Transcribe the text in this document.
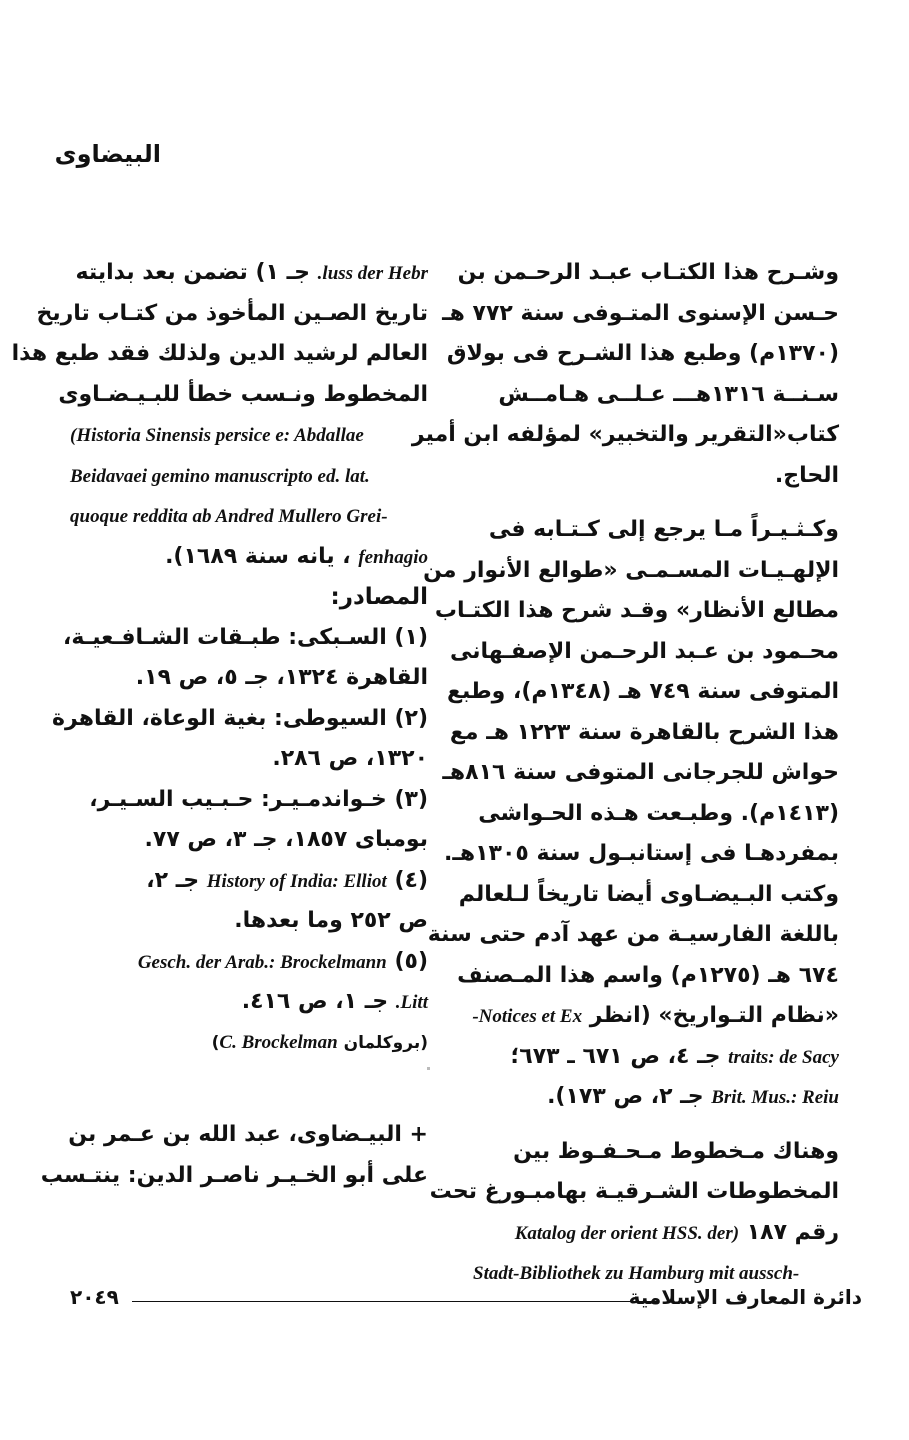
البيضاوى
وشـرح هذا الكتـاب عبـد الرحـمن بن
حـسن الإسنوى المتـوفى سنة ٧٧٢ هـ
(١٣٧٠م) وطبع هذا الشـرح فى بولاق
سـنــة ١٣١٦هـــ عـلــى هـامــش
كتاب«التقرير والتخبير» لمؤلفه ابن أمير
الحاج.
وكـثـيـراً مـا يرجع إلى كـتـابه فى
الإلهـيـات المسـمـى «طوالع الأنوار من
مطالع الأنظار» وقـد شرح هذا الكتـاب
محـمود بن عـبد الرحـمن الإصفـهانى
المتوفى سنة ٧٤٩ هـ (١٣٤٨م)، وطبع
هذا الشرح بالقاهرة سنة ١٢٢٣ هـ مع
حواش للجرجانى المتوفى سنة ٨١٦هـ
(١٤١٣م). وطبـعت هـذه الحـواشى
بمفردهـا فى إستانبـول سنة ١٣٠٥هـ.
وكتب البـيضـاوى أيضا تاريخاً لـلعالم
باللغة الفارسيـة من عهد آدم حتى سنة
٦٧٤ هـ (١٢٧٥م) واسم هذا المـصنف
«نظام التـواريخ» (انظر Notices et Ex-
traits: de Sacy جـ ٤، ص ٦٧١ ـ ٦٧٣؛
Brit. Mus.: Reiu جـ ٢، ص ١٧٣).
وهناك مـخطوط مـحـفـوظ بين
المخطوطات الشـرقيـة بهامبـورغ تحت
رقم ١٨٧ (Katalog der orient HSS. der
Stadt-Bibliothek zu Hamburg mit aussch-
luss der Hebr. جـ ١) تضمن بعد بدايته
تاريخ الصـين المأخوذ من كتـاب تاريخ
العالم لرشيد الدين ولذلك فقد طبع هذا
المخطوط ونـسب خطأ للبـيـضـاوى
(Historia Sinensis persice e: Abdallae
Beidavaei gemino manuscripto ed. lat.
quoque reddita ab Andred Mullero Grei-
fenhagio ، يانه سنة ١٦٨٩).
المصادر:
(١) السـبكى: طبـقات الشـافـعيـة،
القاهرة ١٣٢٤، جـ ٥، ص ١٩.
(٢) السيوطى: بغية الوعاة، القاهرة
١٣٢٠، ص ٢٨٦.
(٣) خـواندمـيـر: حـبـيب السـيـر،
بومباى ١٨٥٧، جـ ٣، ص ٧٧.
(٤) History of India: Elliot جـ ٢،
ص ٢٥٢ وما بعدها.
(٥) Gesch. der Arab.: Brockelmann
Litt. جـ ١، ص ٤١٦.
(بروكلمان C. Brockelman)
+ البيـضاوى، عبد الله بن عـمر بن
على أبو الخـيـر ناصـر الدين: ينتـسب
دائرة المعارف الإسلامية
٢٠٤٩
